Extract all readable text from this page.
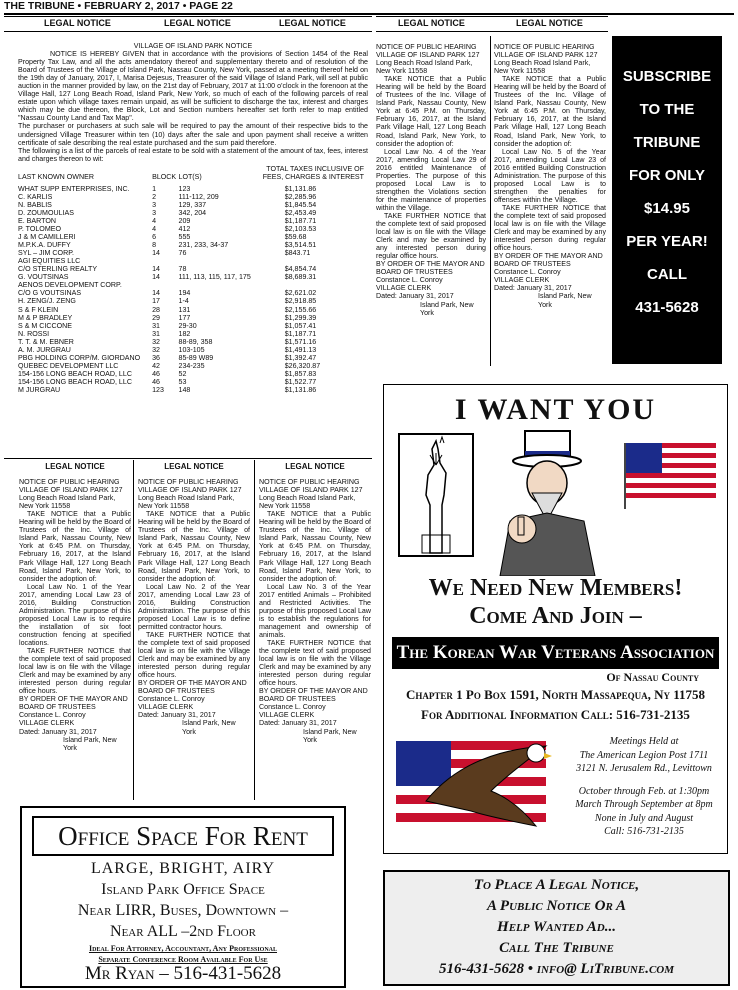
THE TRIBUNE • FEBRUARY 2, 2017 • PAGE 22
LEGAL NOTICE	LEGAL NOTICE	LEGAL NOTICE	LEGAL NOTICE	LEGAL NOTICE

VILLAGE OF ISLAND PARK NOTICE

NOTICE IS HEREBY GIVEN that in accordance with the provisions of Section 1454 of the Real Property Tax Law, and all the acts amendatory thereof and supplementary thereto and of resolution of the Board of Trustees of the Village of Island Park, Nassau County, New York, passed at a meeting thereof held on the 19th day of January, 2017, I, Marisa Dejesus, Treasurer of the said Village of Island Park, will sell at public auction in the manner provided by law, on the 21st day of February, 2017 at 11:00 o'clock in the forenoon at the Village Hall, 127 Long Beach Road, Island Park, New York, so much of each of the following parcels of real estate upon which village taxes remain unpaid, as will be sufficient to discharge the tax, interest and charges which may be due thereon, the Block, Lot and Section numbers hereafter set forth refer to map entitled "Nassau County Land and Tax Map".

The purchaser or purchasers at such sale will be required to pay the amount of their respective bids to the undersigned Village Treasurer within ten (10) days after the sale and upon payment shall receive a written certificate of sale describing the real estate purchased and the sum paid therefore.

The following is a list of the parcels of real estate to be sold with a statement of the amount of tax, fees, interest and charges thereon to wit:

			TOTAL TAXES INCLUSIVE OF
LAST KNOWN OWNER	BLOCK	LOT(S)	FEES, CHARGES & INTEREST

WHAT SUPP ENTERPRISES, INC.	1	123	$1,131.86
C. KARLIS	2	111-112, 209	$2,285.96
N. BABLIS	3	129, 337	$1,845.54
D. ZOUMOULIAS	3	342, 204	$2,453.49
E. BARTON	4	209	$1,187.71
P. TOLOMEO	4	412	$2,103.53
J & M CAMILLERI	6	555	$59.68
M.P.K.A. DUFFY	8	231, 233, 34-37	$3,514.51
SYL – JIM CORP.	14	76	$843.71
AGI EQUITIES LLC			
C/O STERLING REALTY	14	78	$4,854.74
G. VOUTSINAS	14	111, 113, 115, 117, 175	$8,689.31
AENOS DEVELOPMENT CORP.			
C/O G VOUTSINAS	14	194	$2,621.02
H. ZENG/J. ZENG	17	1-4	$2,918.85
S & F KLEIN	28	131	$2,155.66
M & P BRADLEY	29	177	$1,299.39
S & M CICCONE	31	29-30	$1,057.41
N. ROSSI	31	182	$1,187.71
T. T. & M. EBNER	32	88-89, 358	$1,571.16
A. M. JURGRAU	32	103-105	$1,491.13
PBG HOLDING CORP/M. GIORDANO	36	85-89 W89	$1,392.47
QUEBEC DEVELOPMENT LLC	42	234-235	$26,320.87
154-156 LONG BEACH ROAD, LLC	46	52	$1,857.83
154-156 LONG BEACH ROAD, LLC	46	53	$1,522.77
M JURGRAU	123	148	$1,131.86
SUBSCRIBE
TO THE
TRIBUNE
FOR ONLY
$14.95
PER YEAR!
CALL
431-5628
I WANT YOU
We Need New Members!
Come And Join –
The Korean War Veterans Association
Of Nassau County
Chapter 1 Po Box 1591, North Massapequa, Ny 11758
For Additional Information Call: 516-731-2135
Meetings Held at
The American Legion Post 1711
3121 N. Jerusalem Rd., Levittown
October through Feb. at 1:30pm
March Through September at 8pm
None in July and August
Call: 516-731-2135
Office Space For Rent
LARGE, BRIGHT, AIRY
Island Park Office Space
Near LIRR, Buses, Downtown –
Near ALL –2nd Floor
Ideal For Attorney, Accountant, Any Professional
Separate Conference Room Available For Use
Mr Ryan – 516-431-5628
To Place A Legal Notice,
A Public Notice Or A
Help Wanted Ad...
Call The Tribune
516-431-5628 • info@ LiTribune.com

LEGAL NOTICE

NOTICE OF PUBLIC HEARING VILLAGE OF ISLAND PARK 127 Long Beach Road Island Park, New York 11558

TAKE NOTICE that a Public Hearing will be held by the Board of Trustees of the Inc. Village of Island Park, Nassau County, New York at 6:45 P.M. on Thursday, February 16, 2017, at the Island Park Village Hall, 127 Long Beach Road, Island Park, New York, to consider the adoption of:

Local Law No. 1 of the Year 2017, amending Local Law 23 of 2016, Building Construction Administration. The purpose of this proposed Local Law is to require the installation of six foot construction fencing at specified locations.

TAKE FURTHER NOTICE that the complete text of said proposed local law is on file with the Village Clerk and may be examined by any interested person during regular office hours.

BY ORDER OF THE MAYOR AND BOARD OF TRUSTEES

Constance L. Conroy

VILLAGE CLERK

Dated: January 31, 2017

Island Park, New York

LEGAL NOTICE

NOTICE OF PUBLIC HEARING VILLAGE OF ISLAND PARK 127 Long Beach Road Island Park, New York 11558

TAKE NOTICE that a Public Hearing will be held by the Board of Trustees of the Inc. Village of Island Park, Nassau County, New York at 6:45 P.M. on Thursday, February 16, 2017, at the Island Park Village Hall, 127 Long Beach Road, Island Park, New York, to consider the adoption of:

Local Law No. 2 of the Year 2017, amending Local Law 23 of 2016, Building Construction Administration. The purpose of this proposed Local Law is to define permitted contractor hours.

TAKE FURTHER NOTICE that the complete text of said proposed local law is on file with the Village Clerk and may be examined by any interested person during regular office hours.

BY ORDER OF THE MAYOR AND BOARD OF TRUSTEES

Constance L. Conroy

VILLAGE CLERK

Dated: January 31, 2017

Island Park, New York

LEGAL NOTICE

NOTICE OF PUBLIC HEARING VILLAGE OF ISLAND PARK 127 Long Beach Road Island Park, New York 11558

TAKE NOTICE that a Public Hearing will be held by the Board of Trustees of the Inc. Village of Island Park, Nassau County, New York at 6:45 P.M. on Thursday, February 16, 2017, at the Island Park Village Hall, 127 Long Beach Road, Island Park, New York, to consider the adoption of:

Local Law No. 3 of the Year 2017 entitled Animals – Prohibited and Restricted Activities. The purpose of this proposed Local Law is to establish the regulations for management and ownership of animals.

TAKE FURTHER NOTICE that the complete text of said proposed local law is on file with the Village Clerk and may be examined by any interested person during regular office hours.

BY ORDER OF THE MAYOR AND BOARD OF TRUSTEES

Constance L. Conroy

VILLAGE CLERK

Dated: January 31, 2017

Island Park, New York

NOTICE OF PUBLIC HEARING VILLAGE OF ISLAND PARK 127 Long Beach Road Island Park, New York 11558

TAKE NOTICE that a Public Hearing will be held by the Board of Trustees of the Inc. Village of Island Park, Nassau County, New York at 6:45 P.M. on Thursday, February 16, 2017, at the Island Park Village Hall, 127 Long Beach Road, Island Park, New York, to consider the adoption of:

Local Law No. 4 of the Year 2017, amending Local Law 29 of 2016 entitled Maintenance of Properties. The purpose of this proposed Local Law is to strengthen the Violations section for the maintenance of properties within the Village.

TAKE FURTHER NOTICE that the complete text of said proposed local law is on file with the Village Clerk and may be examined by any interested person during regular office hours.

BY ORDER OF THE MAYOR AND BOARD OF TRUSTEES

Constance L. Conroy

VILLAGE CLERK

Dated: January 31, 2017

Island Park, New York

NOTICE OF PUBLIC HEARING VILLAGE OF ISLAND PARK 127 Long Beach Road Island Park, New York 11558

TAKE NOTICE that a Public Hearing will be held by the Board of Trustees of the Inc. Village of Island Park, Nassau County, New York at 6:45 P.M. on Thursday, February 16, 2017, at the Island Park Village Hall, 127 Long Beach Road, Island Park, New York, to consider the adoption of:

Local Law No. 5 of the Year 2017, amending Local Law 23 of 2016 entitled Building Construction Administration. The purpose of this proposed Local Law is to strengthen the penalties for offenses within the Village.

TAKE FURTHER NOTICE that the complete text of said proposed local law is on file with the Village Clerk and may be examined by any interested person during regular office hours.

BY ORDER OF THE MAYOR AND BOARD OF TRUSTEES

Constance L. Conroy

VILLAGE CLERK

Dated: January 31, 2017

Island Park, New York
